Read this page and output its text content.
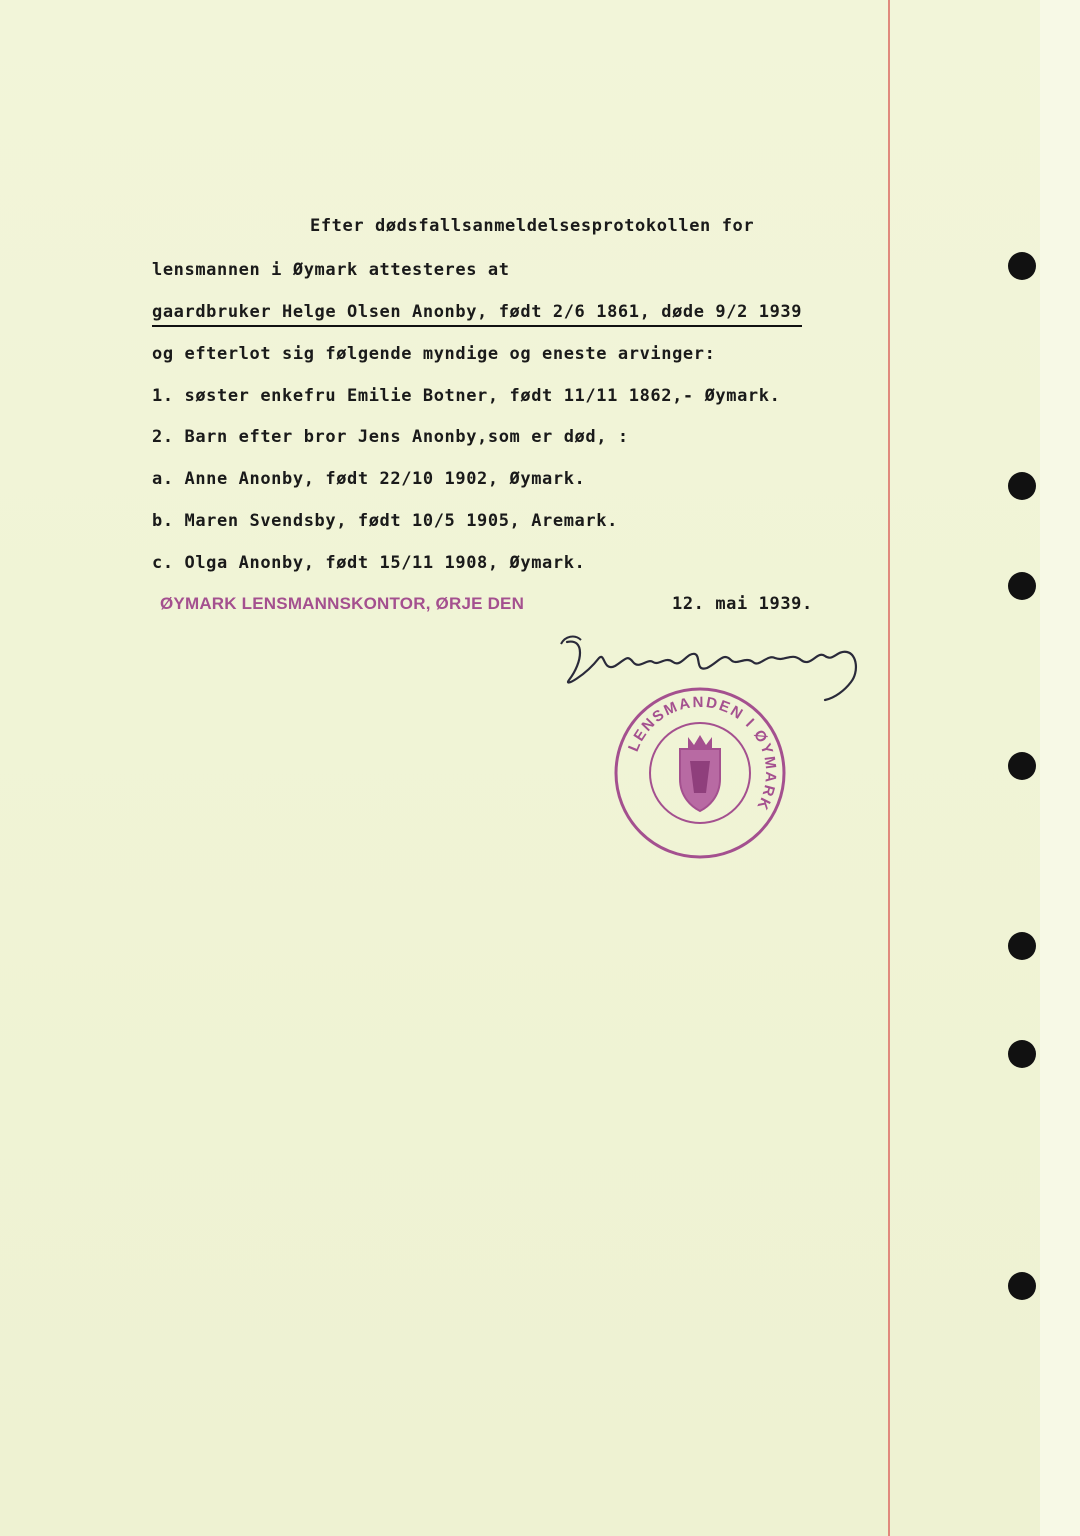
Efter dødsfallsanmeldelsesprotokollen for
lensmannen i Øymark attesteres at
gaardbruker Helge Olsen Anonby, født 2/6 1861, døde 9/2 1939
og efterlot sig følgende myndige og eneste arvinger:
1. søster enkefru Emilie Botner, født 11/11 1862,- Øymark.
2. Barn efter bror Jens Anonby,som er død, :
a. Anne Anonby, født 22/10 1902, Øymark.
b. Maren Svendsby, født 10/5 1905, Aremark.
c. Olga Anonby, født 15/11 1908, Øymark.
ØYMARK LENSMANNSKONTOR, ØRJE DEN	12. mai 1939.
LENSMANDEN I ØYMARK
